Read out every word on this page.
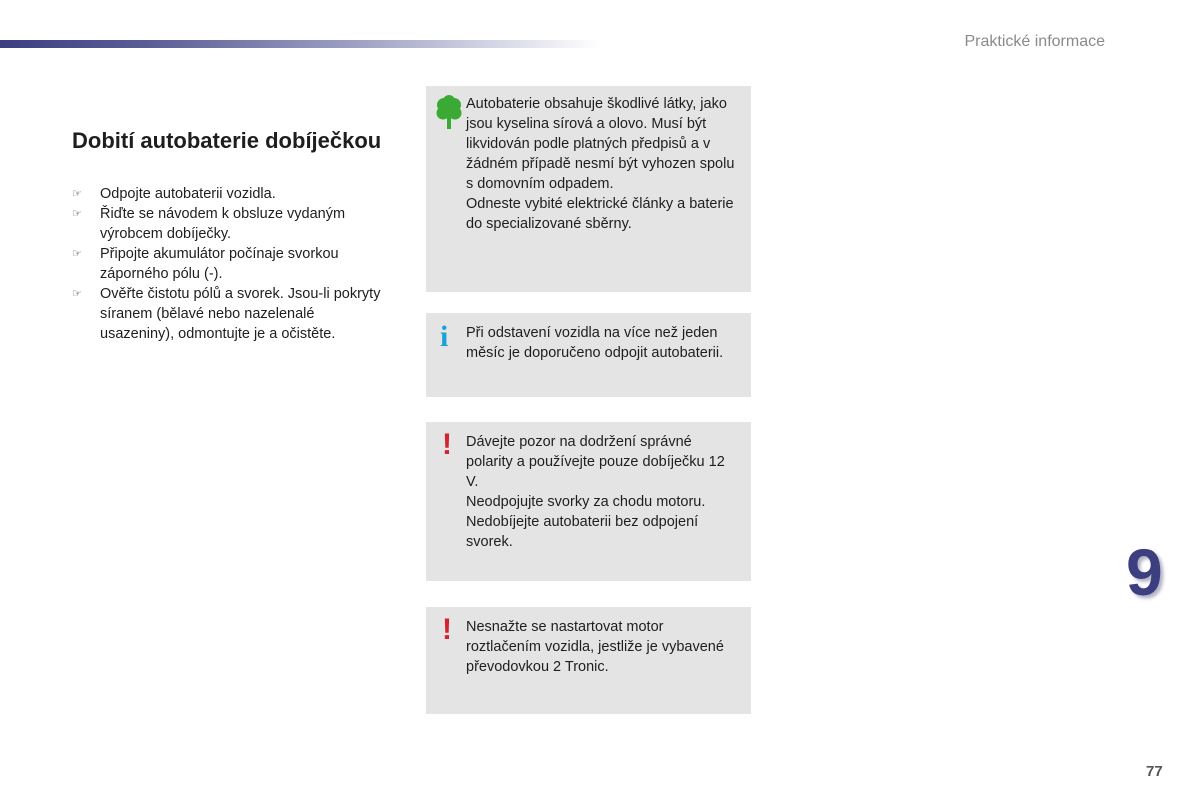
Praktické informace
Dobití autobaterie dobíječkou
☞ Odpojte autobaterii vozidla.
☞ Řiďte se návodem k obsluze vydaným výrobcem dobíječky.
☞ Připojte akumulátor počínaje svorkou záporného pólu (-).
☞ Ověřte čistotu pólů a svorek. Jsou-li pokryty síranem (bělavé nebo nazelenalé usazeniny), odmontujte je a očistěte.

Autobaterie obsahuje škodlivé látky, jako jsou kyselina sírová a olovo. Musí být likvidován podle platných předpisů a v žádném případě nesmí být vyhozen spolu s domovním odpadem.

Odneste vybité elektrické články a baterie do specializované sběrny.

i Při odstavení vozidla na více než jeden měsíc je doporučeno odpojit autobaterii.

! Dávejte pozor na dodržení správné polarity a používejte pouze dobíječku 12 V.

Neodpojujte svorky za chodu motoru.

Nedobíjejte autobaterii bez odpojení svorek.

! Nesnažte se nastartovat motor roztlačením vozidla, jestliže je vybavené převodovkou 2 Tronic.

9
77
